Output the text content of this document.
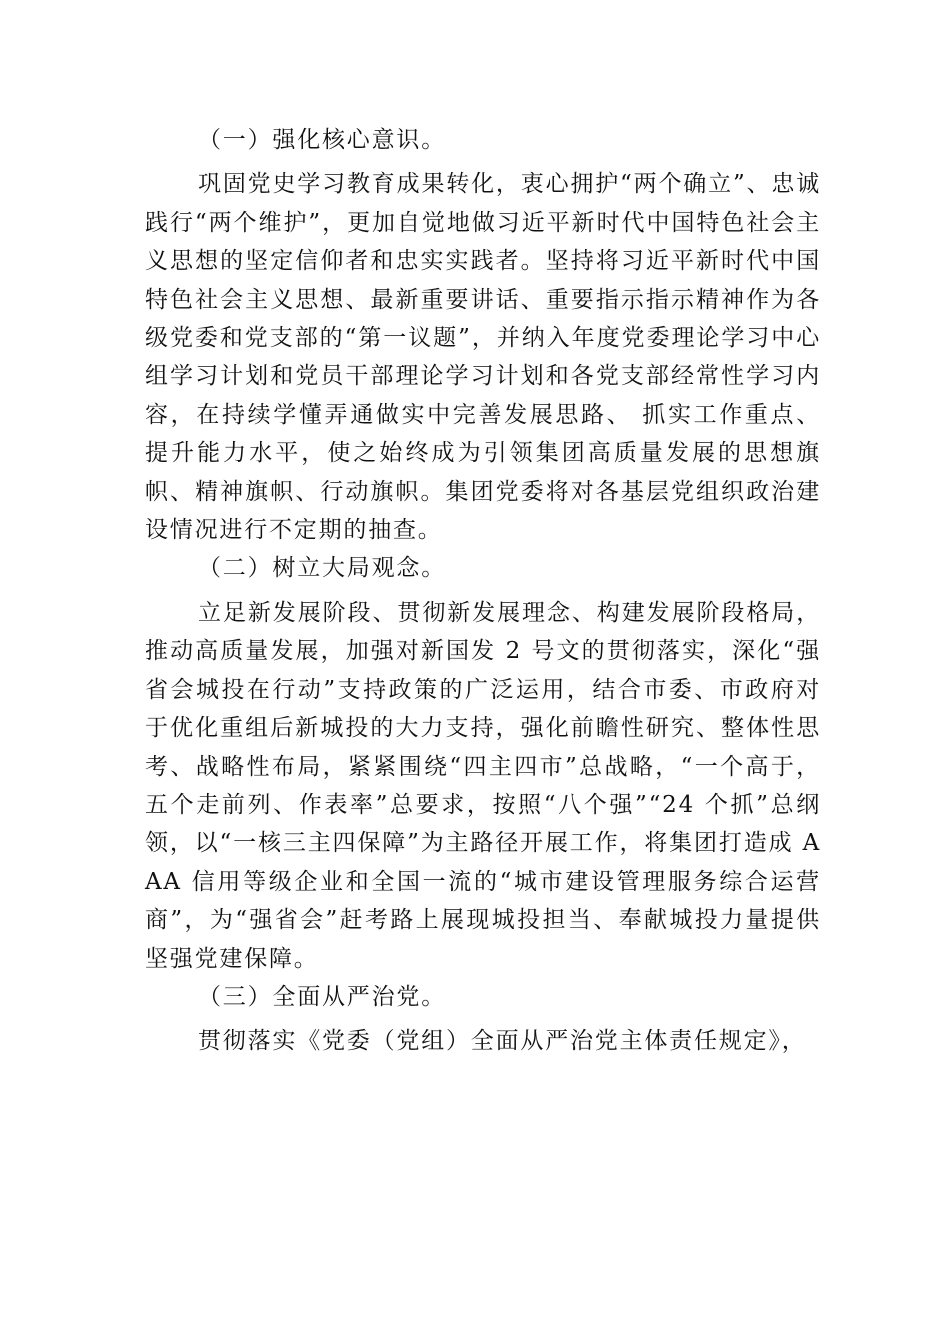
（一）强化核心意识。

巩固党史学习教育成果转化，衷心拥护“两个确立”、忠诚践行“两个维护”，更加自觉地做习近平新时代中国特色社会主义思想的坚定信仰者和忠实实践者。坚持将习近平新时代中国特色社会主义思想、最新重要讲话、重要指示指示精神作为各级党委和党支部的“第一议题”，并纳入年度党委理论学习中心组学习计划和党员干部理论学习计划和各党支部经常性学习内容，在持续学懂弄通做实中完善发展思路、 抓实工作重点、提升能力水平，使之始终成为引领集团高质量发展的思想旗帜、精神旗帜、行动旗帜。集团党委将对各基层党组织政治建设情况进行不定期的抽查。

（二）树立大局观念。

立足新发展阶段、贯彻新发展理念、构建发展阶段格局，推动高质量发展，加强对新国发 2 号文的贯彻落实，深化“强省会城投在行动”支持政策的广泛运用，结合市委、市政府对于优化重组后新城投的大力支持，强化前瞻性研究、整体性思考、战略性布局，紧紧围绕“四主四市”总战略，“一个高于，五个走前列、作表率”总要求，按照“八个强”“24 个抓”总纲领，以“一核三主四保障”为主路径开展工作，将集团打造成 AAA 信用等级企业和全国一流的“城市建设管理服务综合运营商”，为“强省会”赶考路上展现城投担当、奉献城投力量提供坚强党建保障。

（三）全面从严治党。

贯彻落实《党委（党组）全面从严治党主体责任规定》，
